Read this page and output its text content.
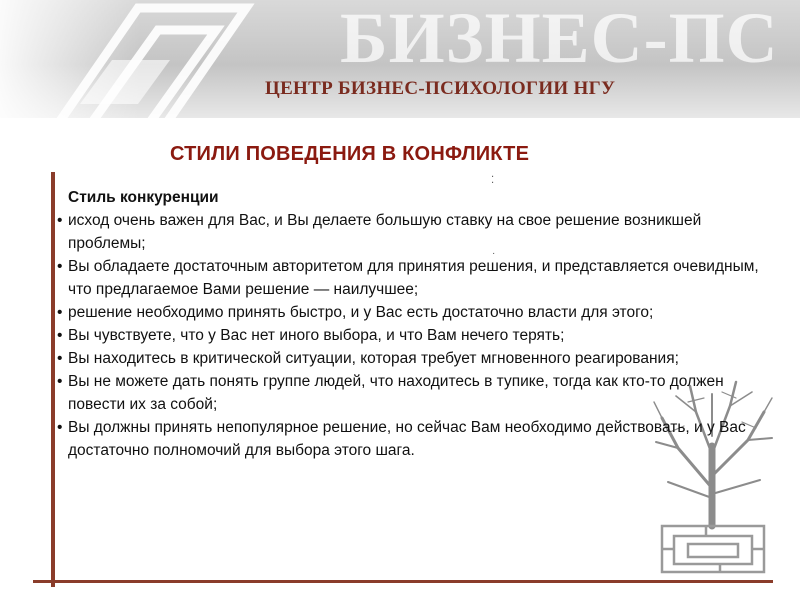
БИЗНЕС-ПС
ЦЕНТР БИЗНЕС-ПСИХОЛОГИИ НГУ
СТИЛИ ПОВЕДЕНИЯ В КОНФЛИКТЕ
⁚
·

Стиль конкуренции

• исход очень важен для Вас, и Вы делаете большую ставку на свое решение возникшей проблемы;
• Вы обладаете достаточным авторитетом для принятия решения, и представляется очевидным, что предлагаемое Вами решение — наилучшее;
• решение необходимо принять быстро, и у Вас есть достаточно власти для этого;
• Вы чувствуете, что у Вас нет иного выбора, и что Вам нечего терять;
• Вы находитесь в критической ситуации, которая требует мгновенного реагирования;
• Вы не можете дать понять группе людей, что находитесь в тупике, тогда как кто-то должен повести их за собой;
• Вы должны принять непопулярное решение, но сейчас Вам необходимо действовать, и у Вас достаточно полномочий для выбора этого шага.
